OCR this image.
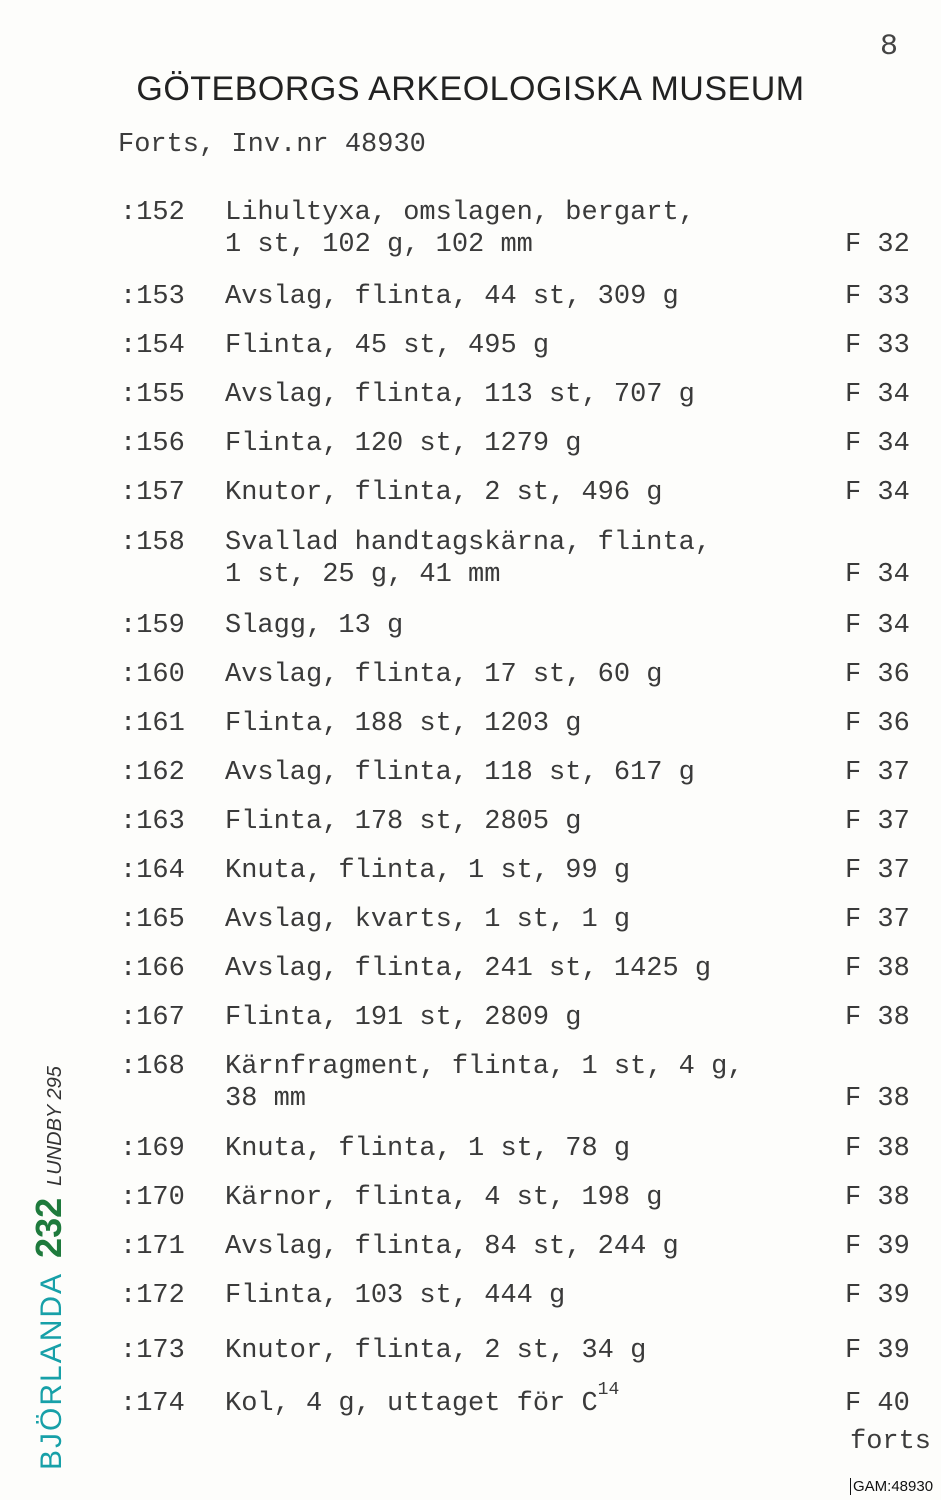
8
GÖTEBORGS ARKEOLOGISKA MUSEUM
Forts, Inv.nr 48930
:152 Lihultyxa, omslagen, bergart,
1 st, 102 g, 102 mm	F 32
:153 Avslag, flinta, 44 st, 309 g	F 33
:154 Flinta, 45 st, 495 g	F 33
:155 Avslag, flinta, 113 st, 707 g	F 34
:156 Flinta, 120 st, 1279 g	F 34
:157 Knutor, flinta, 2 st, 496 g	F 34
:158 Svallad handtagskärna, flinta,
1 st, 25 g, 41 mm	F 34
:159 Slagg, 13 g	F 34
:160 Avslag, flinta, 17 st, 60 g	F 36
:161 Flinta, 188 st, 1203 g	F 36
:162 Avslag, flinta, 118 st, 617 g	F 37
:163 Flinta, 178 st, 2805 g	F 37
:164 Knuta, flinta, 1 st, 99 g	F 37
:165 Avslag, kvarts, 1 st, 1 g	F 37
:166 Avslag, flinta, 241 st, 1425 g	F 38
:167 Flinta, 191 st, 2809 g	F 38
:168 Kärnfragment, flinta, 1 st, 4 g,
38 mm	F 38
:169 Knuta, flinta, 1 st, 78 g	F 38
:170 Kärnor, flinta, 4 st, 198 g	F 38
:171 Avslag, flinta, 84 st, 244 g	F 39
:172 Flinta, 103 st, 444 g	F 39
:173 Knutor, flinta, 2 st, 34 g	F 39
:174 Kol, 4 g, uttaget för $C^{14}$	F 40
forts
BJÖRLANDA232LUNDBY 295
GAM:48930
